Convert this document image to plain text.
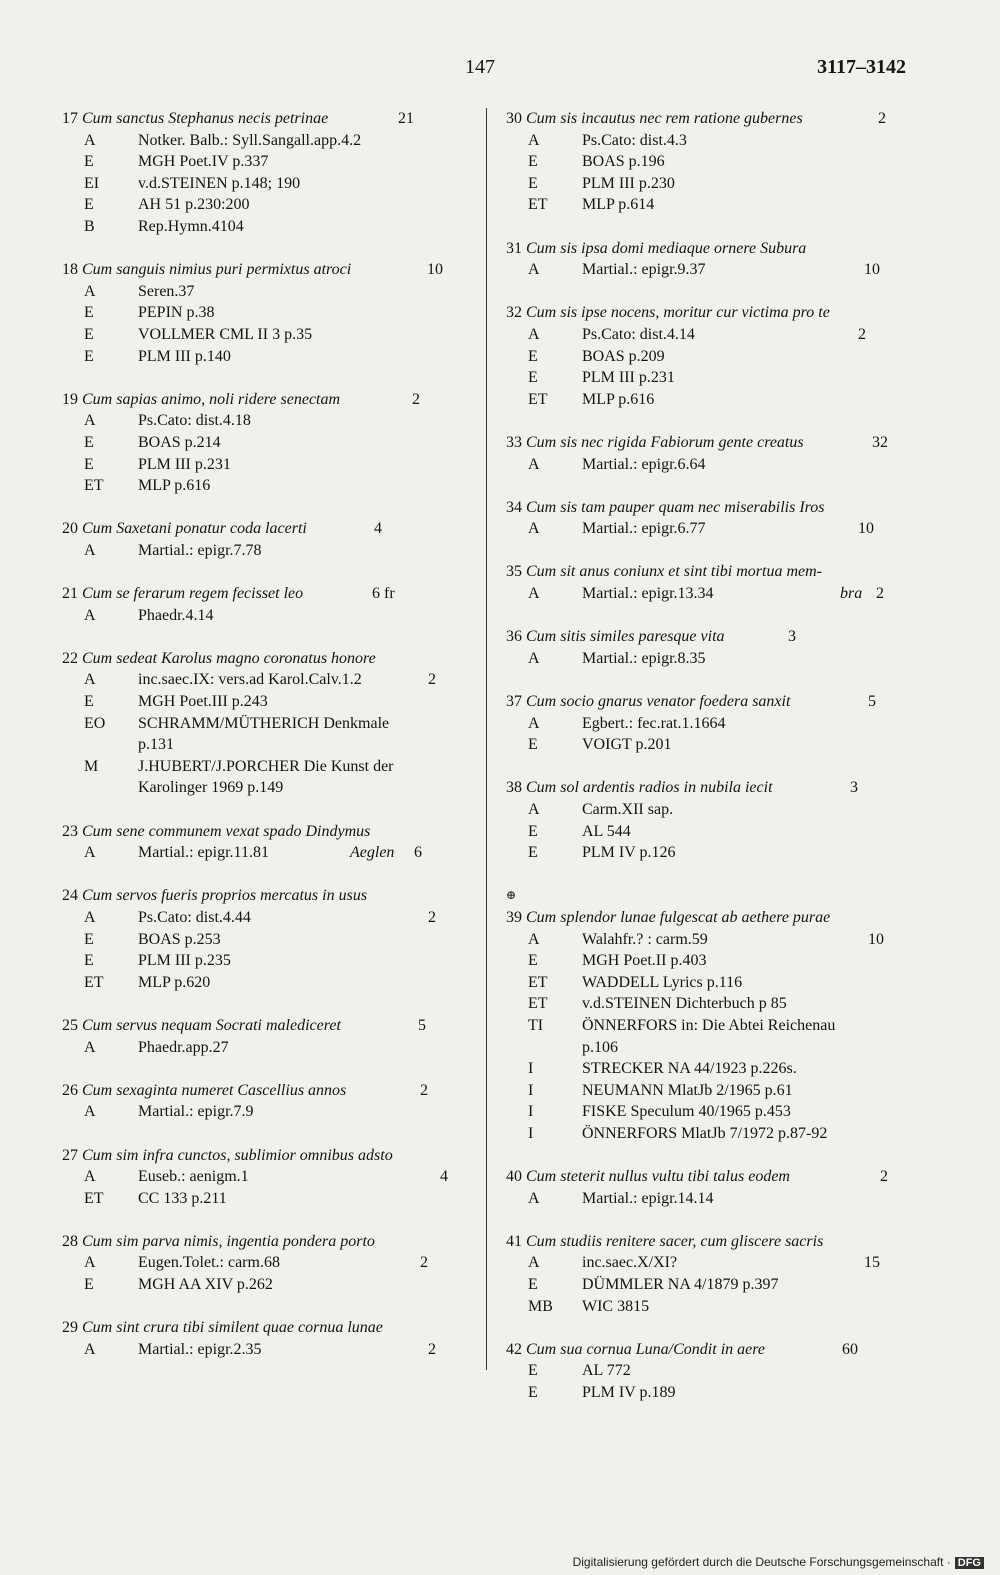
147	3117–3142
17 Cum sanctus Stephanus necis petrinae	21
A	Notker. Balb.: Syll.Sangall.app.4.2
E	MGH Poet.IV p.337
EI v.d.STEINEN p.148; 190
E	AH 51 p.230:200
B	Rep.Hymn.4104
18 Cum sanguis nimius puri permixtus atroci	10
A	Seren.37
E	PEPIN p.38
E	VOLLMER CML II 3 p.35
E	PLM III p.140
19 Cum sapias animo, noli ridere senectam	2
A	Ps.Cato: dist.4.18
E	BOAS p.214
E	PLM III p.231
ET MLP p.616
20 Cum Saxetani ponatur coda lacerti	4
A	Martial.: epigr.7.78
21 Cum se ferarum regem fecisset leo	6 fr
A	Phaedr.4.14
22 Cum sedeat Karolus magno coronatus honore
A	inc.saec.IX: vers.ad Karol.Calv.1.2	2
E	MGH Poet.III p.243
EO SCHRAMM/MÜTHERICH Denkmale
p.131
M J.HUBERT/J.PORCHER Die Kunst der
Karolinger 1969 p.149
23 Cum sene communem vexat spado Dindymus
A	Martial.: epigr.11.81	Aeglen 6
24 Cum servos fueris proprios mercatus in usus
A	Ps.Cato: dist.4.44	2
E	BOAS p.253
E	PLM III p.235
ET MLP p.620
25 Cum servus nequam Socrati malediceret	5
A	Phaedr.app.27
26 Cum sexaginta numeret Cascellius annos	2
A	Martial.: epigr.7.9
27 Cum sim infra cunctos, sublimior omnibus adsto
A	Euseb.: aenigm.1	4
ET CC 133 p.211
28 Cum sim parva nimis, ingentia pondera porto
A	Eugen.Tolet.: carm.68	2
E	MGH AA XIV p.262
29 Cum sint crura tibi similent quae cornua lunae
A	Martial.: epigr.2.35	2
30 Cum sis incautus nec rem ratione gubernes	2
A	Ps.Cato: dist.4.3
E	BOAS p.196
E	PLM III p.230
ET MLP p.614
31 Cum sis ipsa domi mediaque ornere Subura
A	Martial.: epigr.9.37	10
32 Cum sis ipse nocens, moritur cur victima pro te
A	Ps.Cato: dist.4.14	2
E	BOAS p.209
E	PLM III p.231
ET MLP p.616
33 Cum sis nec rigida Fabiorum gente creatus	32
A	Martial.: epigr.6.64
34 Cum sis tam pauper quam nec miserabilis Iros
A	Martial.: epigr.6.77	10
35 Cum sit anus coniunx et sint tibi mortua mem-
A	Martial.: epigr.13.34	bra 2
36 Cum sitis similes paresque vita	3
A	Martial.: epigr.8.35
37 Cum socio gnarus venator foedera sanxit	5
A	Egbert.: fec.rat.1.1664
E	VOIGT p.201
38 Cum sol ardentis radios in nubila iecit	3
A	Carm.XII sap.
E	AL 544
E	PLM IV p.126
⊕
39 Cum splendor lunae fulgescat ab aethere purae
A	Walahfr.? : carm.59	10
E	MGH Poet.II p.403
ET WADDELL Lyrics p.116
ET v.d.STEINEN Dichterbuch p 85
TI ÖNNERFORS in: Die Abtei Reichenau
p.106
I	STRECKER NA 44/1923 p.226s.
I	NEUMANN MlatJb 2/1965 p.61
I	FISKE Speculum 40/1965 p.453
I	ÖNNERFORS MlatJb 7/1972 p.87-92
40 Cum steterit nullus vultu tibi talus eodem	2
A	Martial.: epigr.14.14
41 Cum studiis renitere sacer, cum gliscere sacris
A	inc.saec.X/XI?	15
E	DÜMMLER NA 4/1879 p.397
MB WIC 3815
42 Cum sua cornua Luna/Condit in aere	60
E	AL 772
E	PLM IV p.189
Digitalisierung gefördert durch die Deutsche Forschungsgemeinschaft · DFG
